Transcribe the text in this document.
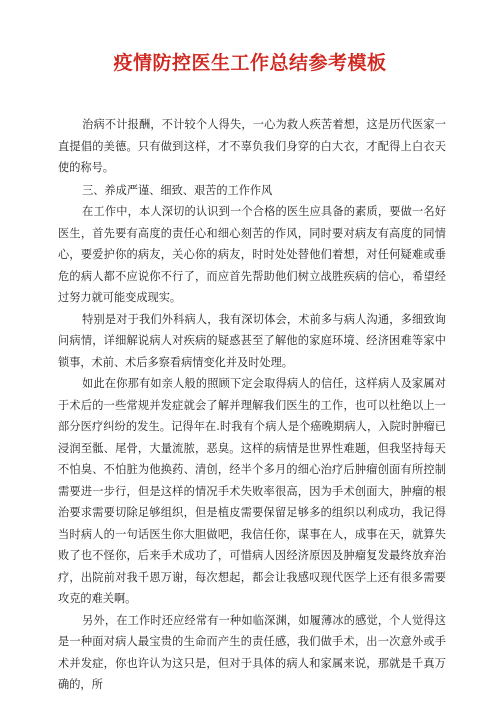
疫情防控医生工作总结参考模板

治病不计报酬，不计较个人得失，一心为救人疾苦着想，这是历代医家一直提倡的美德。只有做到这样，才不辜负我们身穿的白大衣，才配得上白衣天使的称号。

三、养成严谨、细致、艰苦的工作作风

在工作中，本人深切的认识到一个合格的医生应具备的素质，要做一名好医生，首先要有高度的责任心和细心刻苦的作风，同时要对病友有高度的同情心，要爱护你的病友，关心你的病友，时时处处替他们着想，对任何疑难或垂危的病人都不应说你不行了，而应首先帮助他们树立战胜疾病的信心，希望经过努力就可能变成现实。

特别是对于我们外科病人，我有深切体会，术前多与病人沟通，多细致询问病情，详细解说病人对疾病的疑惑甚至了解他的家庭环境、经济困难等家中锁事，术前、术后多察看病情变化并及时处理。

如此在你那有如亲人般的照顾下定会取得病人的信任，这样病人及家属对于术后的一些常规并发症就会了解并理解我们医生的工作，也可以杜绝以上一部分医疗纠纷的发生。记得年在.时我有个病人是个癌晚期病人，入院时肿瘤已浸润至骶、尾骨，大量流脓，恶臭。这样的病情是世界性难题，但我坚持每天不怕臭、不怕脏为他换药、清创，经半个多月的细心治疗后肿瘤创面有所控制需要进一步行，但是这样的情况手术失败率很高，因为手术创面大，肿瘤的根治要求需要切除足够组织，但是植皮需要保留足够多的组织以利成功，我记得当时病人的一句话医生你大胆做吧，我信任你，谋事在人，成事在天，就算失败了也不怪你，后来手术成功了，可惜病人因经济原因及肿瘤复发最终放弃治疗，出院前对我千恩万谢，每次想起，都会让我感叹现代医学上还有很多需要攻克的难关啊。

另外，在工作时还应经常有一种如临深渊，如履薄冰的感觉，个人觉得这是一种面对病人最宝贵的生命而产生的责任感，我们做手术，出一次意外或手术并发症，你也许认为这只是，但对于具体的病人和家属来说，那就是千真万确的，所
